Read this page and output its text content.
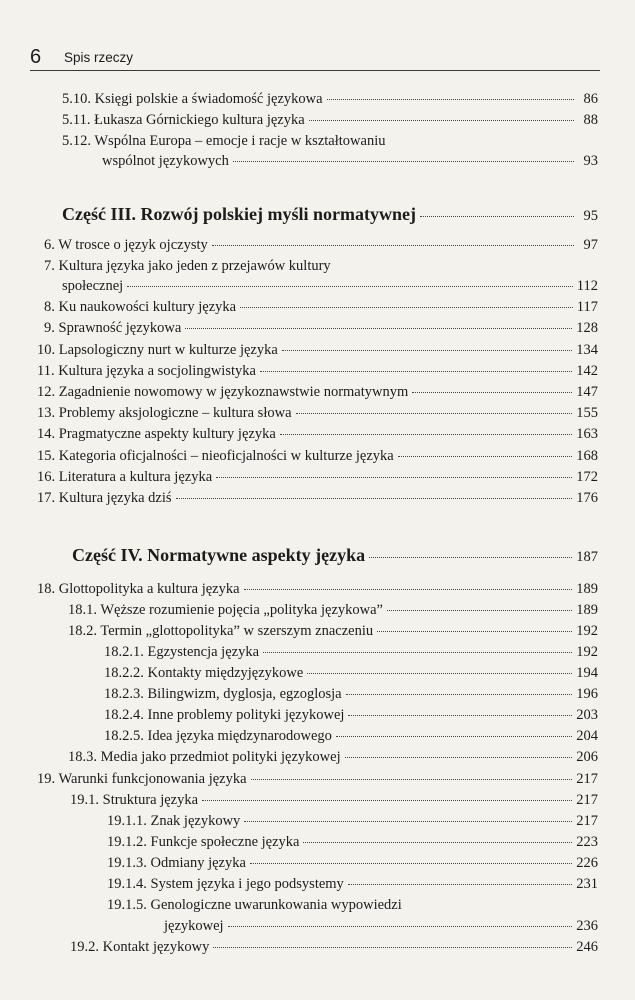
· · · · · · ·
6 Spis rzeczy
5.10. Księgi polskie a świadomość językowa	86
5.11. Łukasza Górnickiego kultura języka	88
5.12. Wspólna Europa – emocje i racje w kształtowaniu
wspólnot językowych	93
Część III. Rozwój polskiej myśli normatywnej	95
6. W trosce o język ojczysty	97
7. Kultura języka jako jeden z przejawów kultury
społecznej	112
8. Ku naukowości kultury języka	117
9. Sprawność językowa	128
10. Lapsologiczny nurt w kulturze języka	134
11. Kultura języka a socjolingwistyka	142
12. Zagadnienie nowomowy w językoznawstwie normatywnym	147
13. Problemy aksjologiczne – kultura słowa	155
14. Pragmatyczne aspekty kultury języka	163
15. Kategoria oficjalności – nieoficjalności w kulturze języka	168
16. Literatura a kultura języka	172
17. Kultura języka dziś	176
Część IV. Normatywne aspekty języka	187
18. Glottopolityka a kultura języka	189
18.1. Węższe rozumienie pojęcia „polityka językowa”	189
18.2. Termin „glottopolityka” w szerszym znaczeniu	192
18.2.1. Egzystencja języka	192
18.2.2. Kontakty międzyjęzykowe	194
18.2.3. Bilingwizm, dyglosja, egzoglosja	196
18.2.4. Inne problemy polityki językowej	203
18.2.5. Idea języka międzynarodowego	204
18.3. Media jako przedmiot polityki językowej	206
19. Warunki funkcjonowania języka	217
19.1. Struktura języka	217
19.1.1. Znak językowy	217
19.1.2. Funkcje społeczne języka	223
19.1.3. Odmiany języka	226
19.1.4. System języka i jego podsystemy	231
19.1.5. Genologiczne uwarunkowania wypowiedzi
językowej	236
19.2. Kontakt językowy	246
